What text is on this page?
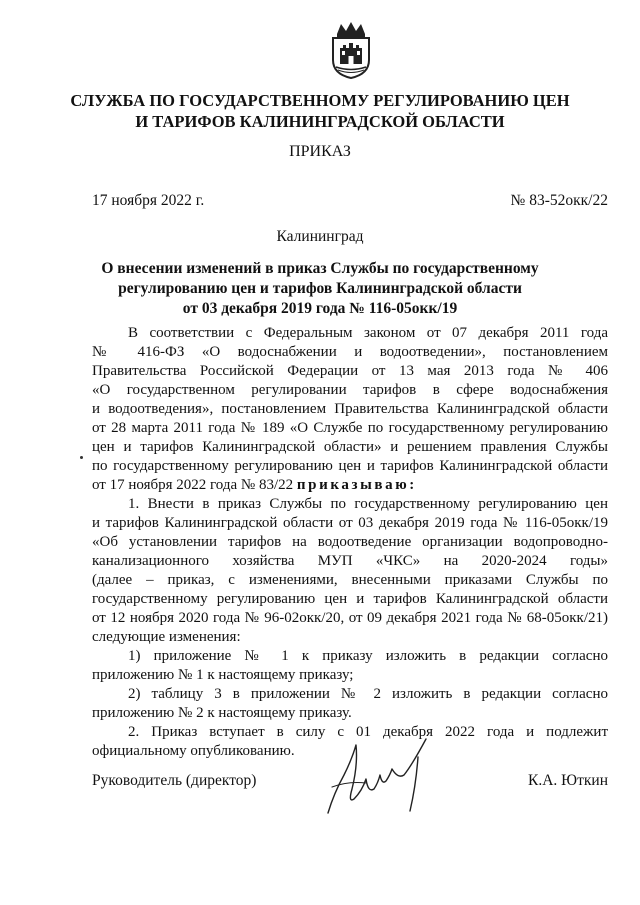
СЛУЖБА ПО ГОСУДАРСТВЕННОМУ РЕГУЛИРОВАНИЮ ЦЕН
И ТАРИФОВ КАЛИНИНГРАДСКОЙ ОБЛАСТИ
ПРИКАЗ
17 ноября 2022 г.	№ 83-52окк/22
Калининград
О внесении изменений в приказ Службы по государственному
регулированию цен и тарифов Калининградской области
от 03 декабря 2019 года № 116-05окк/19
В соответствии с Федеральным законом от 07 декабря 2011 года
№ 416-ФЗ «О водоснабжении и водоотведении», постановлением
Правительства Российской Федерации от 13 мая 2013 года № 406
«О государственном регулировании тарифов в сфере водоснабжения
и водоотведения», постановлением Правительства Калининградской области
от 28 марта 2011 года № 189 «О Службе по государственному регулированию
цен и тарифов Калининградской области» и решением правления Службы
по государственному регулированию цен и тарифов Калининградской области
от 17 ноября 2022 года № 83/22 приказываю:
1. Внести в приказ Службы по государственному регулированию цен
и тарифов Калининградской области от 03 декабря 2019 года № 116-05окк/19
«Об установлении тарифов на водоотведение организации водопроводно-
канализационного хозяйства МУП «ЧКС» на 2020-2024 годы»
(далее – приказ, с изменениями, внесенными приказами Службы по
государственному регулированию цен и тарифов Калининградской области
от 12 ноября 2020 года № 96-02окк/20, от 09 декабря 2021 года № 68-05окк/21)
следующие изменения:
1) приложение № 1 к приказу изложить в редакции согласно
приложению № 1 к настоящему приказу;
2) таблицу 3 в приложении № 2 изложить в редакции согласно
приложению № 2 к настоящему приказу.
2. Приказ вступает в силу с 01 декабря 2022 года и подлежит
официальному опубликованию.
Руководитель (директор)	К.А. Юткин
